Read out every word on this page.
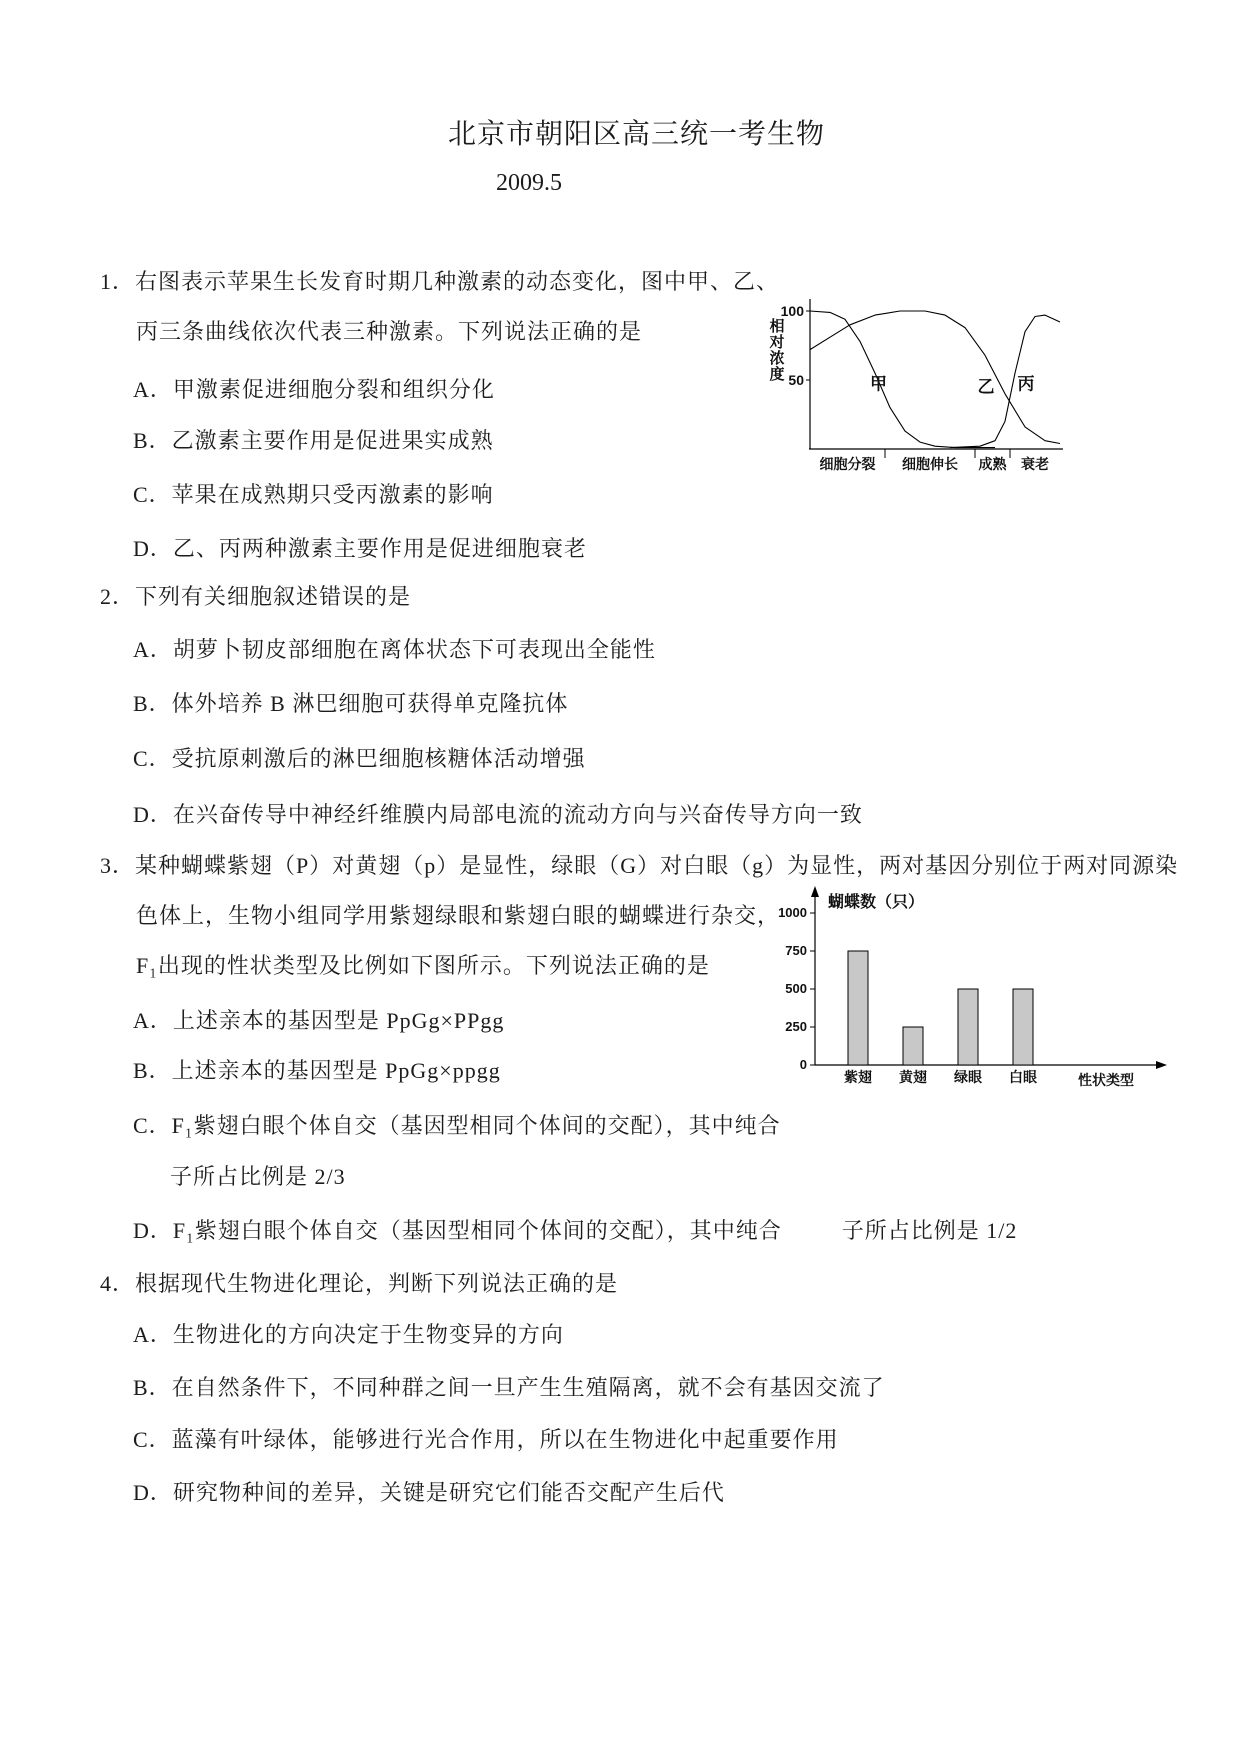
北京市朝阳区高三统一考生物
2009.5
1．右图表示苹果生长发育时期几种激素的动态变化，图中甲、乙、
丙三条曲线依次代表三种激素。下列说法正确的是
A．甲激素促进细胞分裂和组织分化
B．乙激素主要作用是促进果实成熟
C．苹果在成熟期只受丙激素的影响
D．乙、丙两种激素主要作用是促进细胞衰老
100
50
相
对
浓
度
细胞分裂 细胞伸长 成熟 衰老
甲	乙 丙
2．下列有关细胞叙述错误的是
A．胡萝卜韧皮部细胞在离体状态下可表现出全能性
B．体外培养 B 淋巴细胞可获得单克隆抗体
C．受抗原刺激后的淋巴细胞核糖体活动增强
D．在兴奋传导中神经纤维膜内局部电流的流动方向与兴奋传导方向一致
3．某种蝴蝶紫翅（P）对黄翅（p）是显性，绿眼（G）对白眼（g）为显性，两对基因分别位于两对同源染
色体上，生物小组同学用紫翅绿眼和紫翅白眼的蝴蝶进行杂交，
F₁出现的性状类型及比例如下图所示。下列说法正确的是
A．上述亲本的基因型是 PpGg×PPgg
B．上述亲本的基因型是 PpGg×ppgg
C．F₁紫翅白眼个体自交（基因型相同个体间的交配），其中纯合
子所占比例是 2/3
D．F₁紫翅白眼个体自交（基因型相同个体间的交配），其中纯合	子所占比例是 1/2
蝴蝶数（只）
1000
750
500
250
0
紫翅 黄翅 绿眼 白眼	性状类型
4．根据现代生物进化理论，判断下列说法正确的是
A．生物进化的方向决定于生物变异的方向
B．在自然条件下，不同种群之间一旦产生生殖隔离，就不会有基因交流了
C．蓝藻有叶绿体，能够进行光合作用，所以在生物进化中起重要作用
D．研究物种间的差异，关键是研究它们能否交配产生后代
